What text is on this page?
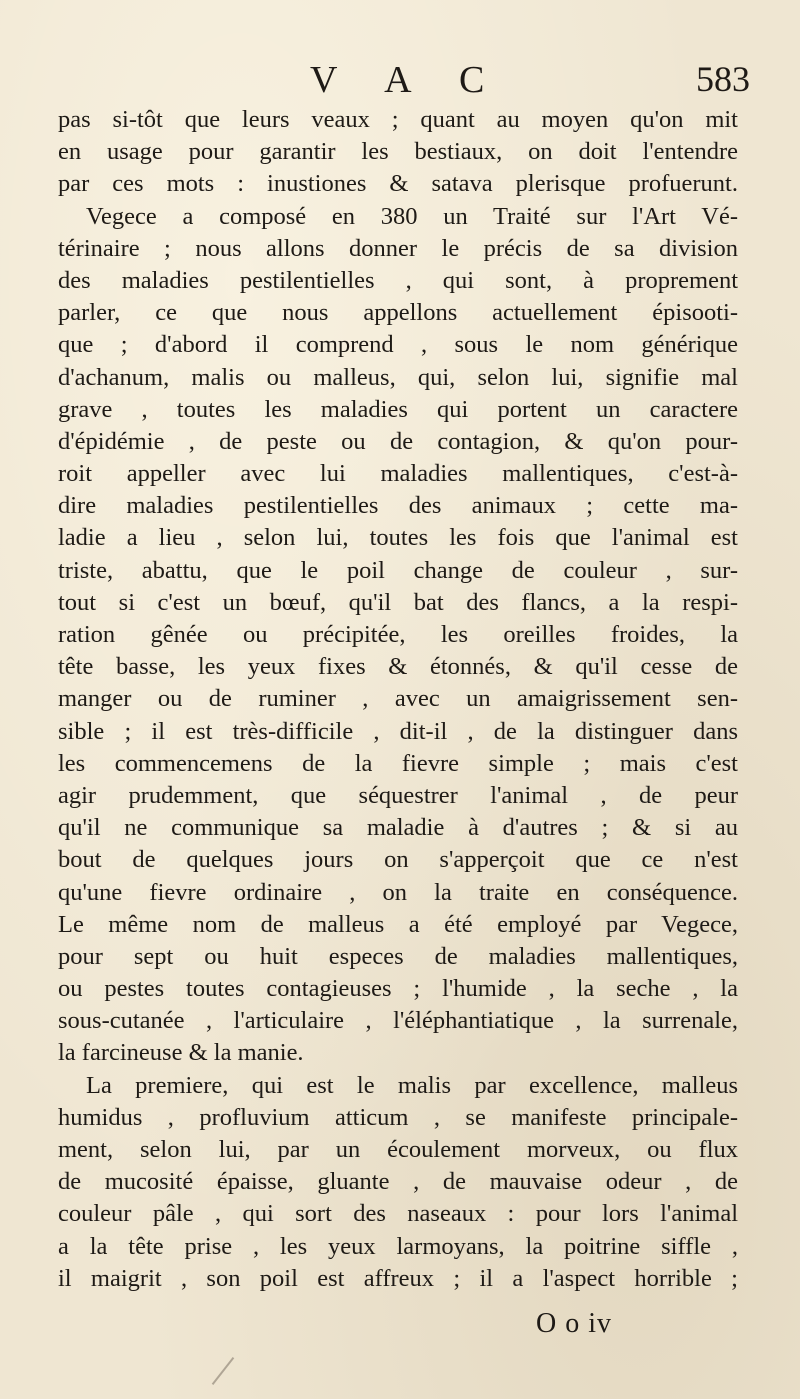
V A C	583
pas si-tôt que leurs veaux ; quant au moyen qu'on mit
en usage pour garantir les bestiaux, on doit l'entendre
par ces mots : inustiones & satava plerisque profuerunt.
Vegece a composé en 380 un Traité sur l'Art Vé-
térinaire ; nous allons donner le précis de sa division
des maladies pestilentielles , qui sont, à proprement
parler, ce que nous appellons actuellement épisooti-
que ; d'abord il comprend , sous le nom générique
d'achanum, malis ou malleus, qui, selon lui, signifie mal
grave , toutes les maladies qui portent un caractere
d'épidémie , de peste ou de contagion, & qu'on pour-
roit appeller avec lui maladies mallentiques, c'est-à-
dire maladies pestilentielles des animaux ; cette ma-
ladie a lieu , selon lui, toutes les fois que l'animal est
triste, abattu, que le poil change de couleur , sur-
tout si c'est un bœuf, qu'il bat des flancs, a la respi-
ration gênée ou précipitée, les oreilles froides, la
tête basse, les yeux fixes & étonnés, & qu'il cesse de
manger ou de ruminer , avec un amaigrissement sen-
sible ; il est très-difficile , dit-il , de la distinguer dans
les commencemens de la fievre simple ; mais c'est
agir prudemment, que séquestrer l'animal , de peur
qu'il ne communique sa maladie à d'autres ; & si au
bout de quelques jours on s'apperçoit que ce n'est
qu'une fievre ordinaire , on la traite en conséquence.
Le même nom de malleus a été employé par Vegece,
pour sept ou huit especes de maladies mallentiques,
ou pestes toutes contagieuses ; l'humide , la seche , la
sous-cutanée , l'articulaire , l'éléphantiatique , la surrenale,
la farcineuse & la manie.
La premiere, qui est le malis par excellence, malleus
humidus , profluvium atticum , se manifeste principale-
ment, selon lui, par un écoulement morveux, ou flux
de mucosité épaisse, gluante , de mauvaise odeur , de
couleur pâle , qui sort des naseaux : pour lors l'animal
a la tête prise , les yeux larmoyans, la poitrine siffle ,
il maigrit , son poil est affreux ; il a l'aspect horrible ;
O o iv
